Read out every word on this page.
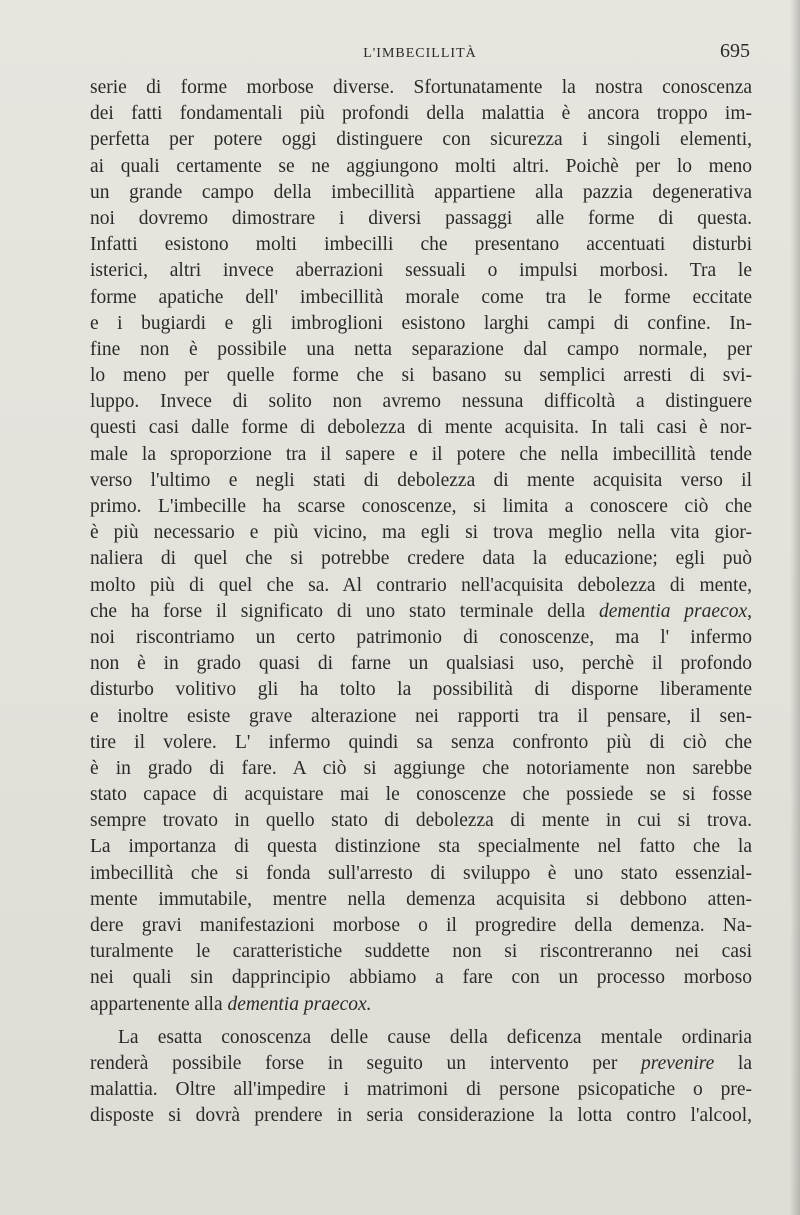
L'IMBECILLITÀ	695
serie di forme morbose diverse. Sfortunatamente la nostra conoscenza
dei fatti fondamentali più profondi della malattia è ancora troppo im-
perfetta per potere oggi distinguere con sicurezza i singoli elementi,
ai quali certamente se ne aggiungono molti altri. Poichè per lo meno
un grande campo della imbecillità appartiene alla pazzia degenerativa
noi dovremo dimostrare i diversi passaggi alle forme di questa.
Infatti esistono molti imbecilli che presentano accentuati disturbi
isterici, altri invece aberrazioni sessuali o impulsi morbosi. Tra le
forme apatiche dell' imbecillità morale come tra le forme eccitate
e i bugiardi e gli imbroglioni esistono larghi campi di confine. In-
fine non è possibile una netta separazione dal campo normale, per
lo meno per quelle forme che si basano su semplici arresti di svi-
luppo. Invece di solito non avremo nessuna difficoltà a distinguere
questi casi dalle forme di debolezza di mente acquisita. In tali casi è nor-
male la sproporzione tra il sapere e il potere che nella imbecillità tende
verso l'ultimo e negli stati di debolezza di mente acquisita verso il
primo. L'imbecille ha scarse conoscenze, si limita a conoscere ciò che
è più necessario e più vicino, ma egli si trova meglio nella vita gior-
naliera di quel che si potrebbe credere data la educazione; egli può
molto più di quel che sa. Al contrario nell'acquisita debolezza di mente,
che ha forse il significato di uno stato terminale della dementia praecox,
noi riscontriamo un certo patrimonio di conoscenze, ma l' infermo
non è in grado quasi di farne un qualsiasi uso, perchè il profondo
disturbo volitivo gli ha tolto la possibilità di disporne liberamente
e inoltre esiste grave alterazione nei rapporti tra il pensare, il sen-
tire il volere. L' infermo quindi sa senza confronto più di ciò che
è in grado di fare. A ciò si aggiunge che notoriamente non sarebbe
stato capace di acquistare mai le conoscenze che possiede se si fosse
sempre trovato in quello stato di debolezza di mente in cui si trova.
La importanza di questa distinzione sta specialmente nel fatto che la
imbecillità che si fonda sull'arresto di sviluppo è uno stato essenzial-
mente immutabile, mentre nella demenza acquisita si debbono atten-
dere gravi manifestazioni morbose o il progredire della demenza. Na-
turalmente le caratteristiche suddette non si riscontreranno nei casi
nei quali sin dapprincipio abbiamo a fare con un processo morboso
appartenente alla dementia praecox.
La esatta conoscenza delle cause della deficenza mentale ordinaria
renderà possibile forse in seguito un intervento per prevenire la
malattia. Oltre all'impedire i matrimoni di persone psicopatiche o pre-
disposte si dovrà prendere in seria considerazione la lotta contro l'alcool,
